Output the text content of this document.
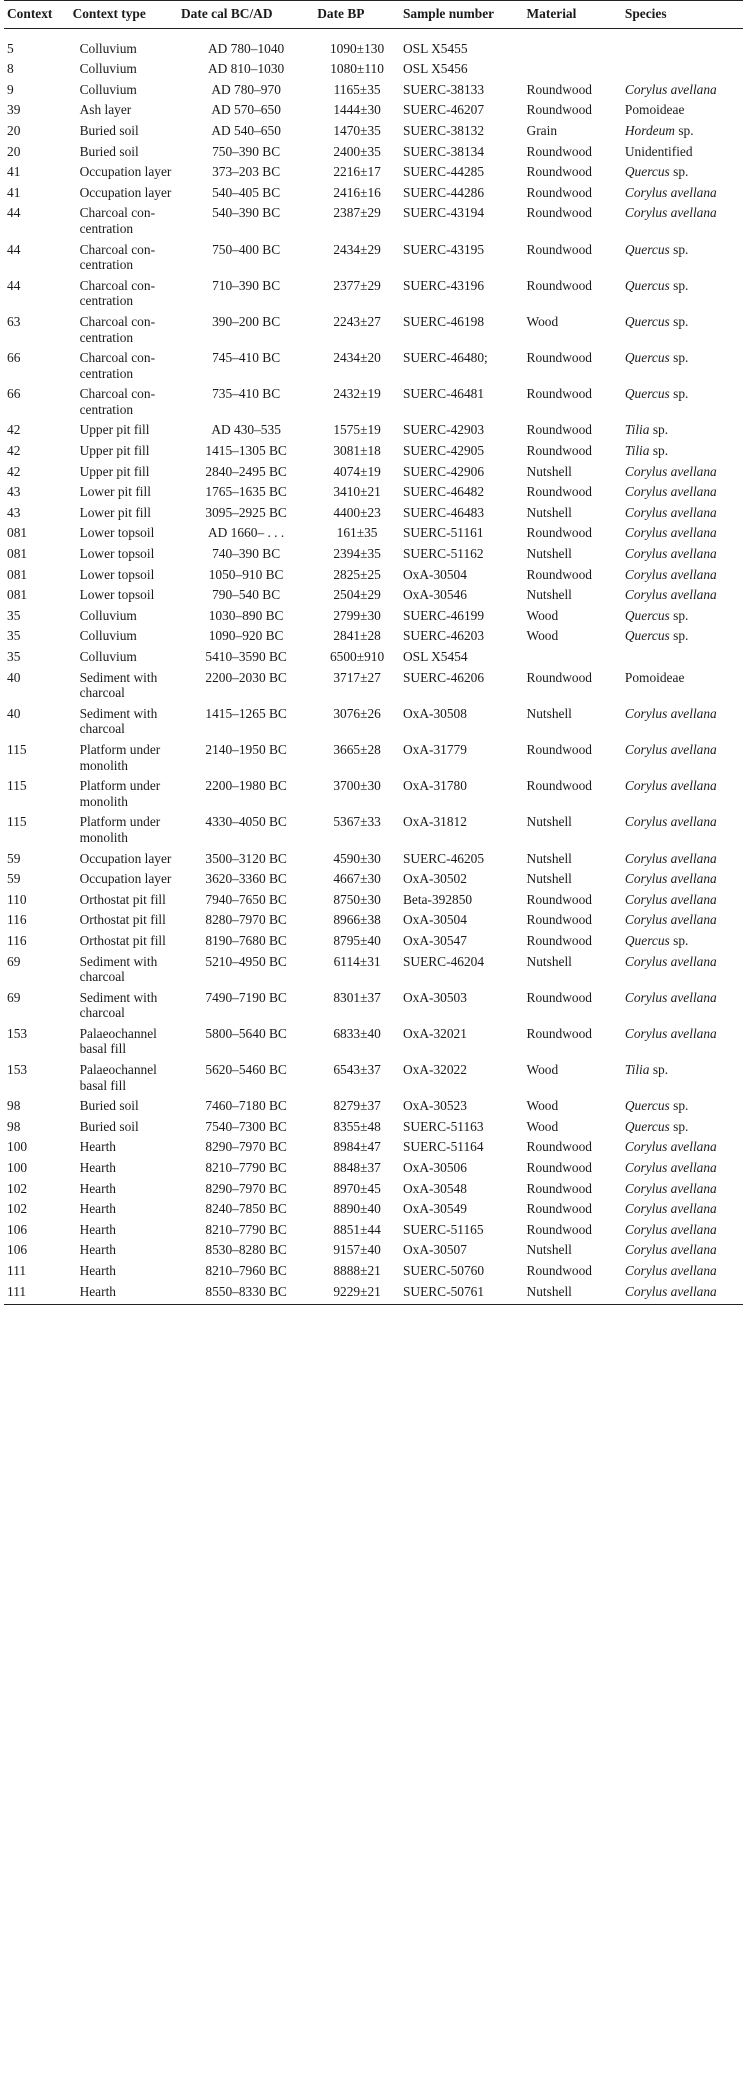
Context	Context type	Date cal BC/AD	Date BP	Sample number	Material	Species
5	Colluvium	AD 780–1040	1090±130	OSL X5455		
8	Colluvium	AD 810–1030	1080±110	OSL X5456		
9	Colluvium	AD 780–970	1165±35	SUERC-38133	Roundwood	Corylus avellana
39	Ash layer	AD 570–650	1444±30	SUERC-46207	Roundwood	Pomoideae
20	Buried soil	AD 540–650	1470±35	SUERC-38132	Grain	Hordeum sp.
20	Buried soil	750–390 BC	2400±35	SUERC-38134	Roundwood	Unidentified
41	Occupation layer	373–203 BC	2216±17	SUERC-44285	Roundwood	Quercus sp.
41	Occupation layer	540–405 BC	2416±16	SUERC-44286	Roundwood	Corylus avellana
44	Charcoal concentration	540–390 BC	2387±29	SUERC-43194	Roundwood	Corylus avellana
44	Charcoal concentration	750–400 BC	2434±29	SUERC-43195	Roundwood	Quercus sp.
44	Charcoal concentration	710–390 BC	2377±29	SUERC-43196	Roundwood	Quercus sp.
63	Charcoal concentration	390–200 BC	2243±27	SUERC-46198	Wood	Quercus sp.
66	Charcoal concentration	745–410 BC	2434±20	SUERC-46480;	Roundwood	Quercus sp.
66	Charcoal concentration	735–410 BC	2432±19	SUERC-46481	Roundwood	Quercus sp.
42	Upper pit fill	AD 430–535	1575±19	SUERC-42903	Roundwood	Tilia sp.
42	Upper pit fill	1415–1305 BC	3081±18	SUERC-42905	Roundwood	Tilia sp.
42	Upper pit fill	2840–2495 BC	4074±19	SUERC-42906	Nutshell	Corylus avellana
43	Lower pit fill	1765–1635 BC	3410±21	SUERC-46482	Roundwood	Corylus avellana
43	Lower pit fill	3095–2925 BC	4400±23	SUERC-46483	Nutshell	Corylus avellana
081	Lower topsoil	AD 1660– . . .	161±35	SUERC-51161	Roundwood	Corylus avellana
081	Lower topsoil	740–390 BC	2394±35	SUERC-51162	Nutshell	Corylus avellana
081	Lower topsoil	1050–910 BC	2825±25	OxA-30504	Roundwood	Corylus avellana
081	Lower topsoil	790–540 BC	2504±29	OxA-30546	Nutshell	Corylus avellana
35	Colluvium	1030–890 BC	2799±30	SUERC-46199	Wood	Quercus sp.
35	Colluvium	1090–920 BC	2841±28	SUERC-46203	Wood	Quercus sp.
35	Colluvium	5410–3590 BC	6500±910	OSL X5454		
40	Sediment with charcoal	2200–2030 BC	3717±27	SUERC-46206	Roundwood	Pomoideae
40	Sediment with charcoal	1415–1265 BC	3076±26	OxA-30508	Nutshell	Corylus avellana
115	Platform under monolith	2140–1950 BC	3665±28	OxA-31779	Roundwood	Corylus avellana
115	Platform under monolith	2200–1980 BC	3700±30	OxA-31780	Roundwood	Corylus avellana
115	Platform under monolith	4330–4050 BC	5367±33	OxA-31812	Nutshell	Corylus avellana
59	Occupation layer	3500–3120 BC	4590±30	SUERC-46205	Nutshell	Corylus avellana
59	Occupation layer	3620–3360 BC	4667±30	OxA-30502	Nutshell	Corylus avellana
110	Orthostat pit fill	7940–7650 BC	8750±30	Beta-392850	Roundwood	Corylus avellana
116	Orthostat pit fill	8280–7970 BC	8966±38	OxA-30504	Roundwood	Corylus avellana
116	Orthostat pit fill	8190–7680 BC	8795±40	OxA-30547	Roundwood	Quercus sp.
69	Sediment with charcoal	5210–4950 BC	6114±31	SUERC-46204	Nutshell	Corylus avellana
69	Sediment with charcoal	7490–7190 BC	8301±37	OxA-30503	Roundwood	Corylus avellana
153	Palaeochannel basal fill	5800–5640 BC	6833±40	OxA-32021	Roundwood	Corylus avellana
153	Palaeochannel basal fill	5620–5460 BC	6543±37	OxA-32022	Wood	Tilia sp.
98	Buried soil	7460–7180 BC	8279±37	OxA-30523	Wood	Quercus sp.
98	Buried soil	7540–7300 BC	8355±48	SUERC-51163	Wood	Quercus sp.
100	Hearth	8290–7970 BC	8984±47	SUERC-51164	Roundwood	Corylus avellana
100	Hearth	8210–7790 BC	8848±37	OxA-30506	Roundwood	Corylus avellana
102	Hearth	8290–7970 BC	8970±45	OxA-30548	Roundwood	Corylus avellana
102	Hearth	8240–7850 BC	8890±40	OxA-30549	Roundwood	Corylus avellana
106	Hearth	8210–7790 BC	8851±44	SUERC-51165	Roundwood	Corylus avellana
106	Hearth	8530–8280 BC	9157±40	OxA-30507	Nutshell	Corylus avellana
111	Hearth	8210–7960 BC	8888±21	SUERC-50760	Roundwood	Corylus avellana
111	Hearth	8550–8330 BC	9229±21	SUERC-50761	Nutshell	Corylus avellana
